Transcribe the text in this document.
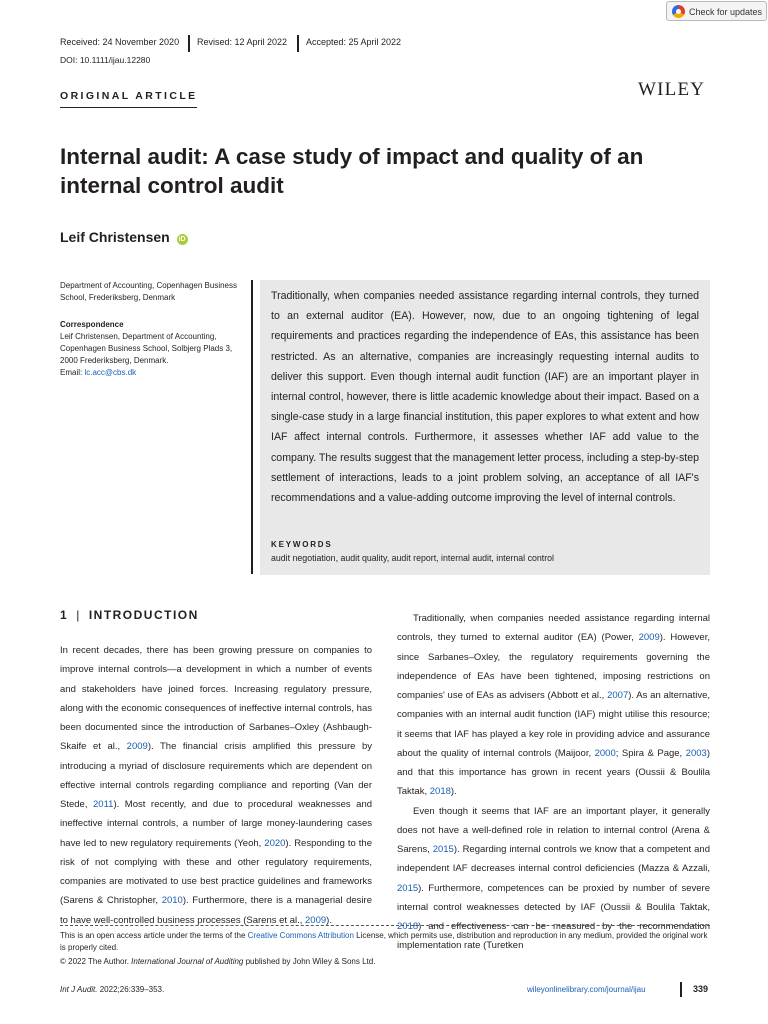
Check for updates
Received: 24 November 2020 Revised: 12 April 2022 Accepted: 25 April 2022
DOI: 10.1111/ijau.12280
ORIGINAL ARTICLE	WILEY
Internal audit: A case study of impact and quality of an internal control audit
Leif Christensen iD

Department of Accounting, Copenhagen Business School, Frederiksberg, Denmark

Correspondence
Leif Christensen, Department of Accounting, Copenhagen Business School, Solbjerg Plads 3, 2000 Frederiksberg, Denmark.
Email: lc.acc@cbs.dk

Traditionally, when companies needed assistance regarding internal controls, they turned to an external auditor (EA). However, now, due to an ongoing tightening of legal requirements and practices regarding the independence of EAs, this assistance has been restricted. As an alternative, companies are increasingly requesting internal audits to deliver this support. Even though internal audit function (IAF) are an important player in internal control, however, there is little academic knowledge about their impact. Based on a single-case study in a large financial institution, this paper explores to what extent and how IAF affect internal controls. Furthermore, it assesses whether IAF add value to the company. The results suggest that the management letter process, including a step-by-step settlement of interactions, leads to a joint problem solving, an acceptance of all IAF's recommendations and a value-adding outcome improving the level of internal controls.

KEYWORDS
audit negotiation, audit quality, audit report, internal audit, internal control
1 | INTRODUCTION

In recent decades, there has been growing pressure on companies to improve internal controls—a development in which a number of events and stakeholders have joined forces. Increasing regulatory pressure, along with the economic consequences of ineffective internal controls, has been documented since the introduction of Sarbanes–Oxley (Ashbaugh-Skaife et al., 2009). The financial crisis amplified this pressure by introducing a myriad of disclosure requirements which are dependent on effective internal controls regarding compliance and reporting (Van der Stede, 2011). Most recently, and due to procedural weaknesses and ineffective internal controls, a number of large money-laundering cases have led to new regulatory requirements (Yeoh, 2020). Responding to the risk of not complying with these and other regulatory requirements, companies are motivated to use best practice guidelines and frameworks (Sarens & Christopher, 2010). Furthermore, there is a managerial desire to have well-controlled business processes (Sarens et al., 2009).

Traditionally, when companies needed assistance regarding internal controls, they turned to external auditor (EA) (Power, 2009). However, since Sarbanes–Oxley, the regulatory requirements governing the independence of EAs have been tightened, imposing restrictions on companies' use of EAs as advisers (Abbott et al., 2007). As an alternative, companies with an internal audit function (IAF) might utilise this resource; it seems that IAF has played a key role in providing advice and assurance about the quality of internal controls (Maijoor, 2000; Spira & Page, 2003) and that this importance has grown in recent years (Oussii & Boulila Taktak, 2018).

Even though it seems that IAF are an important player, it generally does not have a well-defined role in relation to internal control (Arena & Sarens, 2015). Regarding internal controls we know that a competent and independent IAF decreases internal control deficiencies (Mazza & Azzali, 2015). Furthermore, competences can be proxied by number of severe internal control weaknesses detected by IAF (Oussii & Boulila Taktak, 2018) and effectiveness can be measured by the recommendation implementation rate (Turetken

This is an open access article under the terms of the Creative Commons Attribution License, which permits use, distribution and reproduction in any medium, provided the original work is properly cited.

© 2022 The Author. International Journal of Auditing published by John Wiley & Sons Ltd.

Int J Audit. 2022;26:339–353.	wileyonlinelibrary.com/journal/ijau	339
